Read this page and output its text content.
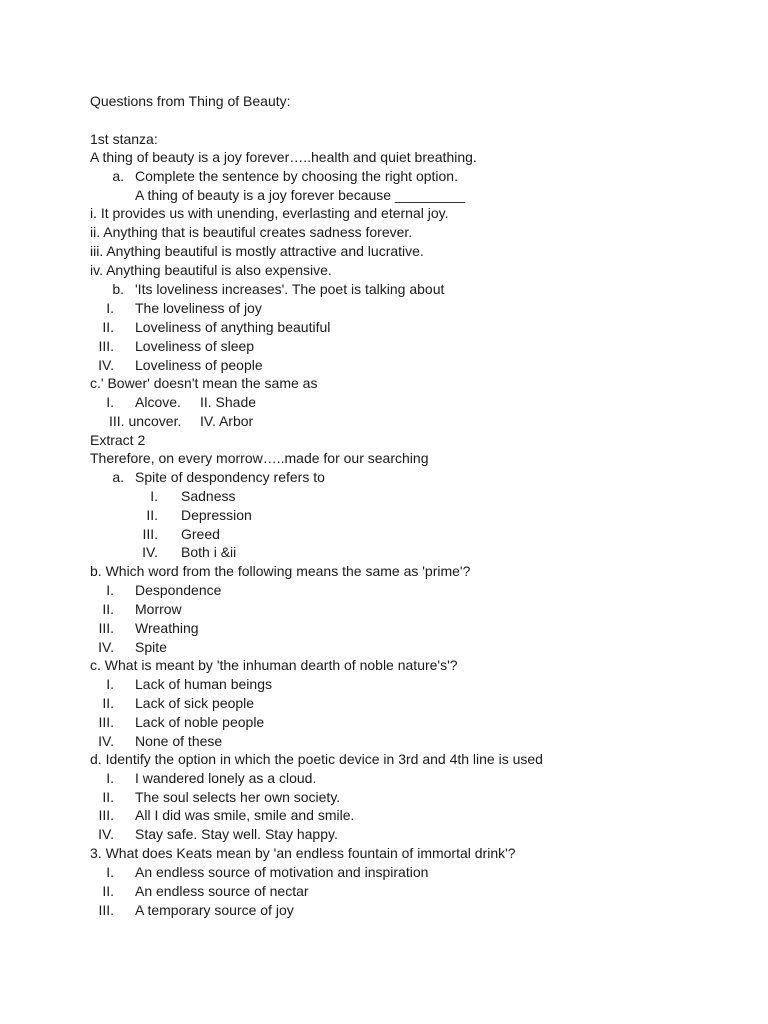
Questions from Thing of Beauty:
1st stanza:
A thing of beauty is a joy forever…..health and quiet breathing.
a. Complete the sentence by choosing the right option.
A thing of beauty is a joy forever because _________
i. It provides us with unending, everlasting and eternal joy.
ii. Anything that is beautiful creates sadness forever.
iii. Anything beautiful is mostly attractive and lucrative.
iv. Anything beautiful is also expensive.
b. 'Its loveliness increases'. The poet is talking about
I. The loveliness of joy
II. Loveliness of anything beautiful
III. Loveliness of sleep
IV. Loveliness of people
c.' Bower' doesn't mean the same as
I. Alcove. II. Shade
III. uncover. IV. Arbor
Extract 2
Therefore, on every morrow…..made for our searching
a. Spite of despondency refers to
I. Sadness
II. Depression
III. Greed
IV. Both i &ii
b. Which word from the following means the same as 'prime'?
I. Despondence
II. Morrow
III. Wreathing
IV. Spite
c. What is meant by 'the inhuman dearth of noble nature's'?
I. Lack of human beings
II. Lack of sick people
III. Lack of noble people
IV. None of these
d. Identify the option in which the poetic device in 3rd and 4th line is used
I. I wandered lonely as a cloud.
II. The soul selects her own society.
III. All I did was smile, smile and smile.
IV. Stay safe. Stay well. Stay happy.
3. What does Keats mean by 'an endless fountain of immortal drink'?
I. An endless source of motivation and inspiration
II. An endless source of nectar
III. A temporary source of joy
